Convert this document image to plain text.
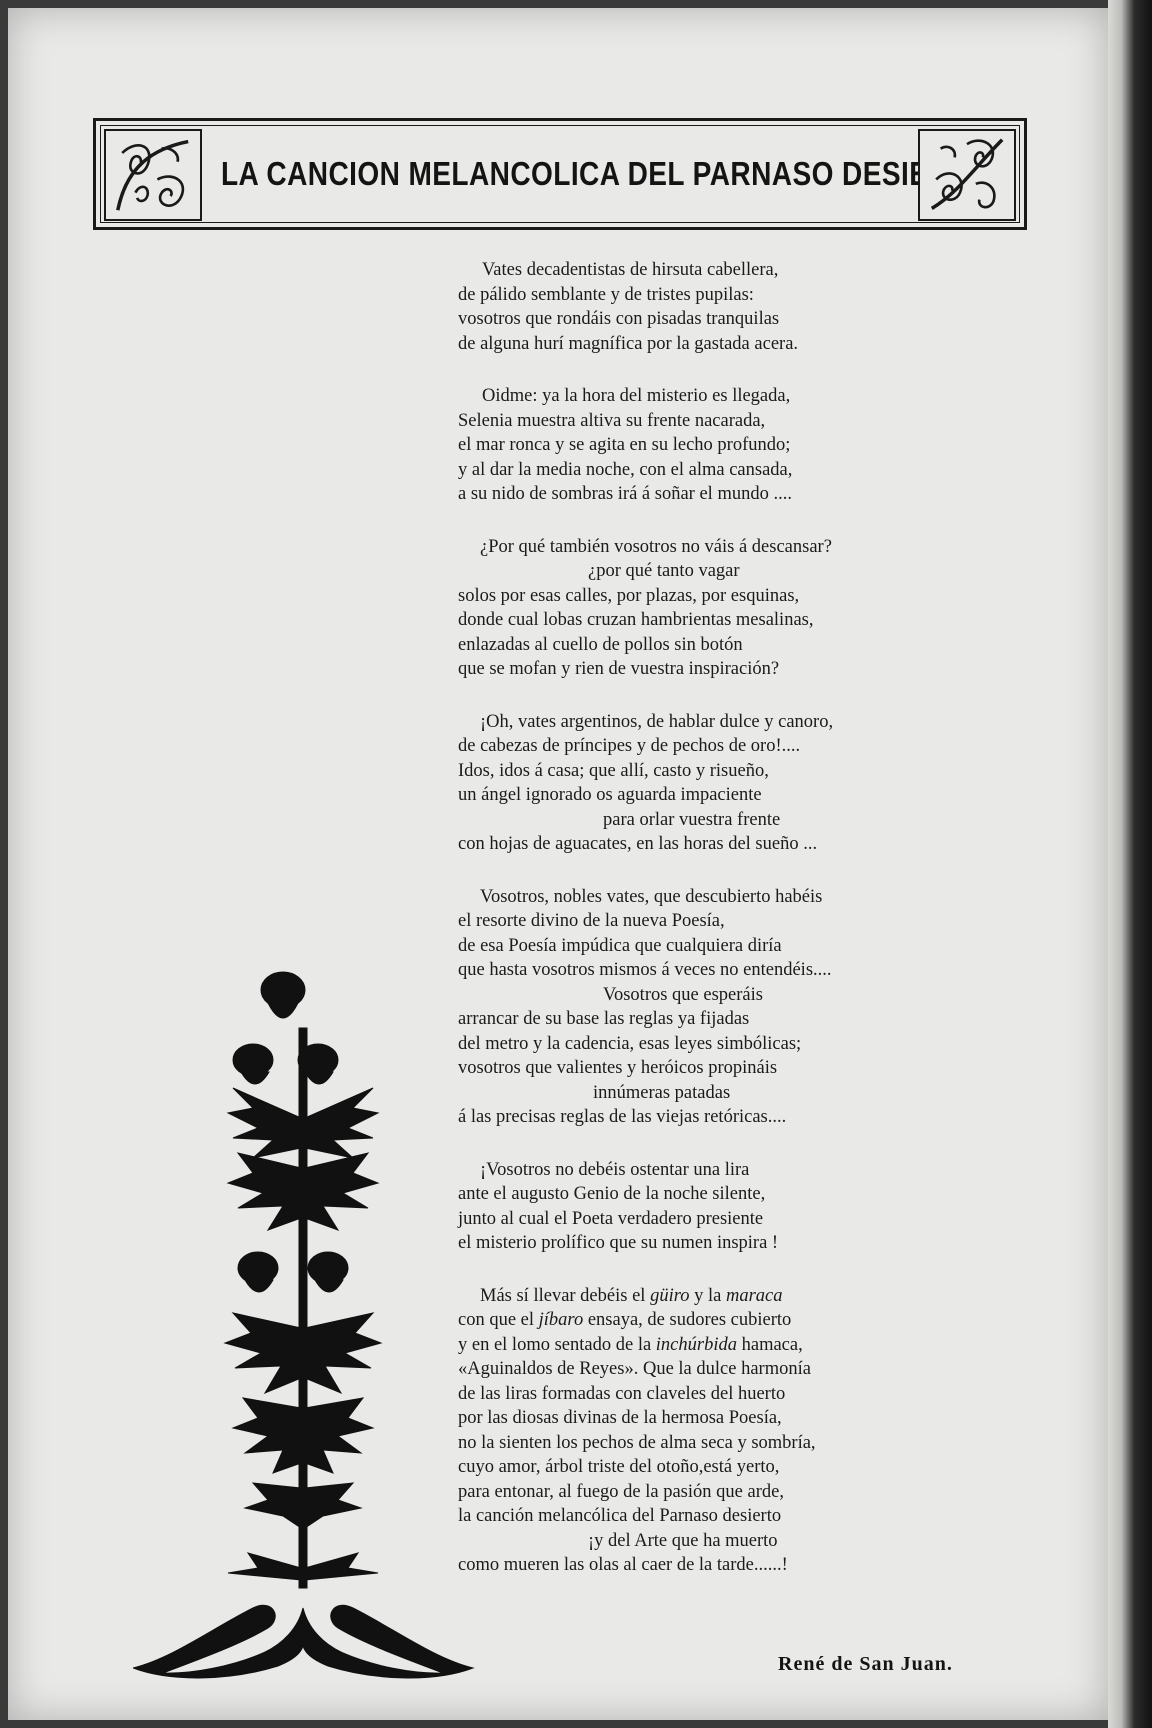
LA CANCION MELANCOLICA DEL PARNASO DESIERTO.
Vates decadentistas de hirsuta cabellera,
de pálido semblante y de tristes pupilas:
vosotros que rondáis con pisadas tranquilas
de alguna hurí magnífica por la gastada acera.
Oidme: ya la hora del misterio es llegada,
Selenia muestra altiva su frente nacarada,
el mar ronca y se agita en su lecho profundo;
y al dar la media noche, con el alma cansada,
a su nido de sombras irá á soñar el mundo ....
¿Por qué también vosotros no váis á descansar?
¿por qué tanto vagar
solos por esas calles, por plazas, por esquinas,
donde cual lobas cruzan hambrientas mesalinas,
enlazadas al cuello de pollos sin botón
que se mofan y rien de vuestra inspiración?
¡Oh, vates argentinos, de hablar dulce y canoro,
de cabezas de príncipes y de pechos de oro!....
Idos, idos á casa; que allí, casto y risueño,
un ángel ignorado os aguarda impaciente
para orlar vuestra frente
con hojas de aguacates, en las horas del sueño ...
Vosotros, nobles vates, que descubierto habéis
el resorte divino de la nueva Poesía,
de esa Poesía impúdica que cualquiera diría
que hasta vosotros mismos á veces no entendéis....
Vosotros que esperáis
arrancar de su base las reglas ya fijadas
del metro y la cadencia, esas leyes simbólicas;
vosotros que valientes y heróicos propináis
innúmeras patadas
á las precisas reglas de las viejas retóricas....
¡Vosotros no debéis ostentar una lira
ante el augusto Genio de la noche silente,
junto al cual el Poeta verdadero presiente
el misterio prolífico que su numen inspira !
Más sí llevar debéis el güiro y la maraca
con que el jíbaro ensaya, de sudores cubierto
y en el lomo sentado de la inchúrbida hamaca,
«Aguinaldos de Reyes». Que la dulce harmonía
de las liras formadas con claveles del huerto
por las diosas divinas de la hermosa Poesía,
no la sienten los pechos de alma seca y sombría,
cuyo amor, árbol triste del otoño,está yerto,
para entonar, al fuego de la pasión que arde,
la canción melancólica del Parnaso desierto
¡y del Arte que ha muerto
como mueren las olas al caer de la tarde......!
René de San Juan.
